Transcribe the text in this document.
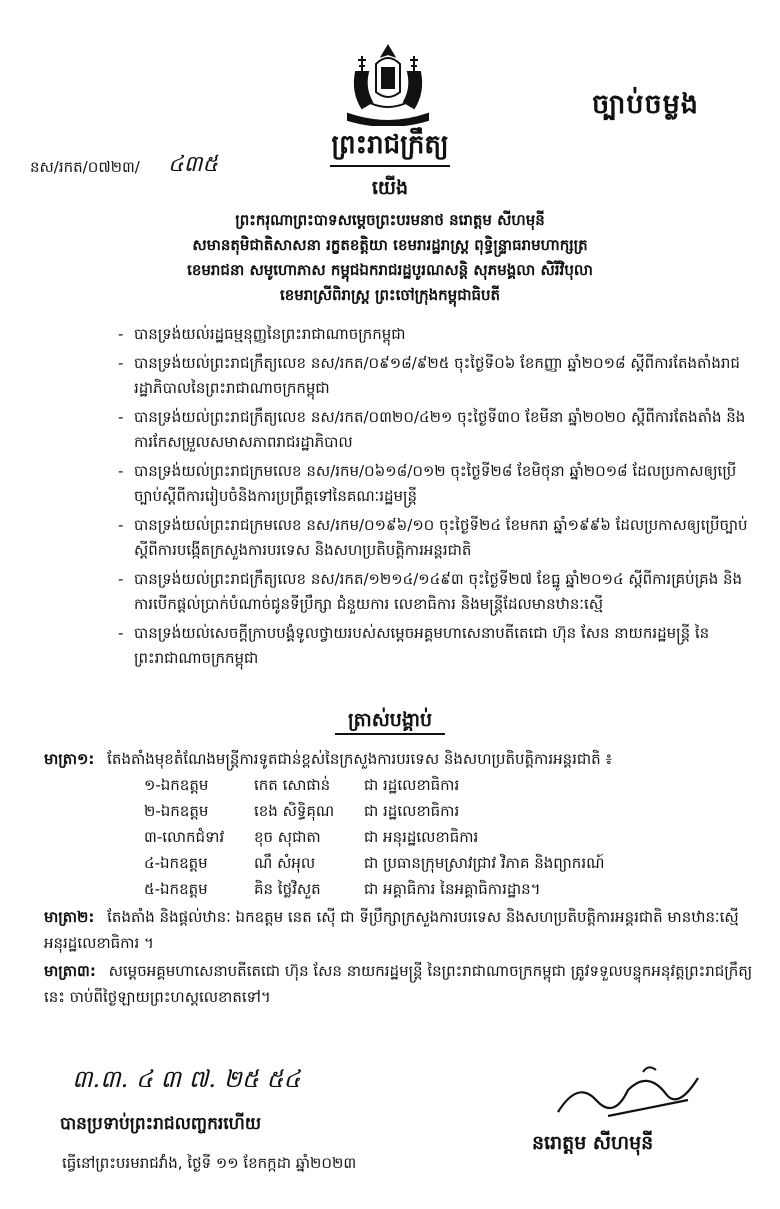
ច្បាប់ចម្លង
ព្រះរាជក្រឹត្យ
នស/រកត/០៧២៣/ ៤៣៥
យើង
ព្រះករុណាព្រះបាទសម្តេចព្រះបរមនាថ នរោត្តម សីហមុនី
សមានតុមិជាតិសាសនា រក្ខតខត្តិយា ខេមរារដ្ឋរាស្ត្រ ពុទ្ធិន្ទ្រាធរាមហាក្សត្រ
ខេមរាជនា សមូហោភាស កម្ពុជឯករាជរដ្ឋបូរណសន្តិ សុភមង្គលា សិរីវិបុលា
ខេមរាស្រីពិរាស្ត្រ ព្រះចៅក្រុងកម្ពុជាធិបតី
- បានទ្រង់យល់រដ្ឋធម្មនុញ្ញនៃព្រះរាជាណាចក្រកម្ពុជា
- បានទ្រង់យល់ព្រះរាជក្រឹត្យលេខ នស/រកត/០៩១៨/៩២៥ ចុះថ្ងៃទី០៦ ខែកញ្ញា ឆ្នាំ២០១៨ ស្តីពីការតែងតាំងរាជរដ្ឋាភិបាលនៃព្រះរាជាណាចក្រកម្ពុជា
- បានទ្រង់យល់ព្រះរាជក្រឹត្យលេខ នស/រកត/០៣២០/៤២១ ចុះថ្ងៃទី៣០ ខែមីនា ឆ្នាំ២០២០ ស្តីពីការតែងតាំង និងការកែសម្រួលសមាសភាពរាជរដ្ឋាភិបាល
- បានទ្រង់យល់ព្រះរាជក្រមលេខ នស/រកម/០៦១៨/០១២ ចុះថ្ងៃទី២៨ ខែមិថុនា ឆ្នាំ២០១៨ ដែលប្រកាសឲ្យប្រើច្បាប់ស្តីពីការរៀបចំនិងការប្រព្រឹត្តទៅនៃគណៈរដ្ឋមន្ត្រី
- បានទ្រង់យល់ព្រះរាជក្រមលេខ នស/រកម/០១៩៦/១០ ចុះថ្ងៃទី២៤ ខែមករា ឆ្នាំ១៩៩៦ ដែលប្រកាសឲ្យប្រើច្បាប់ស្តីពីការបង្កើតក្រសួងការបរទេស និងសហប្រតិបត្តិការអន្តរជាតិ
- បានទ្រង់យល់ព្រះរាជក្រឹត្យលេខ នស/រកត/១២១៤/១៤៩៣ ចុះថ្ងៃទី២៧ ខែធ្នូ ឆ្នាំ២០១៤ ស្តីពីការគ្រប់គ្រង និងការបើកផ្តល់ប្រាក់បំណាច់ជូនទីប្រឹក្សា ជំនួយការ លេខាធិការ និងមន្ត្រីដែលមានឋានៈស្មើ
- បានទ្រង់យល់សេចក្តីក្រាបបង្គំទូលថ្វាយរបស់សម្តេចអគ្គមហាសេនាបតីតេជោ ហ៊ុន សែន នាយករដ្ឋមន្ត្រី នៃព្រះរាជាណាចក្រកម្ពុជា
ត្រាស់បង្គាប់
មាត្រា១: តែងតាំងមុខតំណែងមន្ត្រីការទូតជាន់ខ្ពស់នៃក្រសួងការបរទេស និងសហប្រតិបត្តិការអន្តរជាតិ ៖
១-ឯកឧត្តម	កេត សោផាន់	ជា រដ្ឋលេខាធិការ
២-ឯកឧត្តម	ខេង សិទ្ធិគុណ	ជា រដ្ឋលេខាធិការ
៣-លោកជំទាវ	ខុច សុជាតា	ជា អនុរដ្ឋលេខាធិការ
៤-ឯកឧត្តម	ណឹ សំអុល	ជា ប្រធានក្រុមស្រាវជ្រាវ វិភាគ និងព្យាករណ៍
៥-ឯកឧត្តម	គិន ថ្លៃវិសួត	ជា អគ្គាធិការ នៃអគ្គាធិការដ្ឋាន។
មាត្រា២: តែងតាំង និងផ្តល់ឋានៈ ឯកឧត្តម នេត ស៊ើ ជា ទីប្រឹក្សាក្រសួងការបរទេស និងសហប្រតិបត្តិការអន្តរជាតិ មានឋានៈស្មើ អនុរដ្ឋលេខាធិការ ។
មាត្រា៣: សម្តេចអគ្គមហាសេនាបតីតេជោ ហ៊ុន សែន នាយករដ្ឋមន្ត្រី នៃព្រះរាជាណាចក្រកម្ពុជា ត្រូវទទួលបន្ទុកអនុវត្តព្រះរាជក្រឹត្យនេះ ចាប់ពីថ្ងៃឡាយព្រះហស្តលេខាតទៅ។
៣.៣. ៤ ៣ ៧. ២៥ ៥៤
បានប្រទាប់ព្រះរាជលញ្ចករហើយ
ធ្វើនៅព្រះបរមរាជវាំង, ថ្ងៃទី ១១ ខែកក្កដា ឆ្នាំ២០២៣
នរោត្តម សីហមុនី
